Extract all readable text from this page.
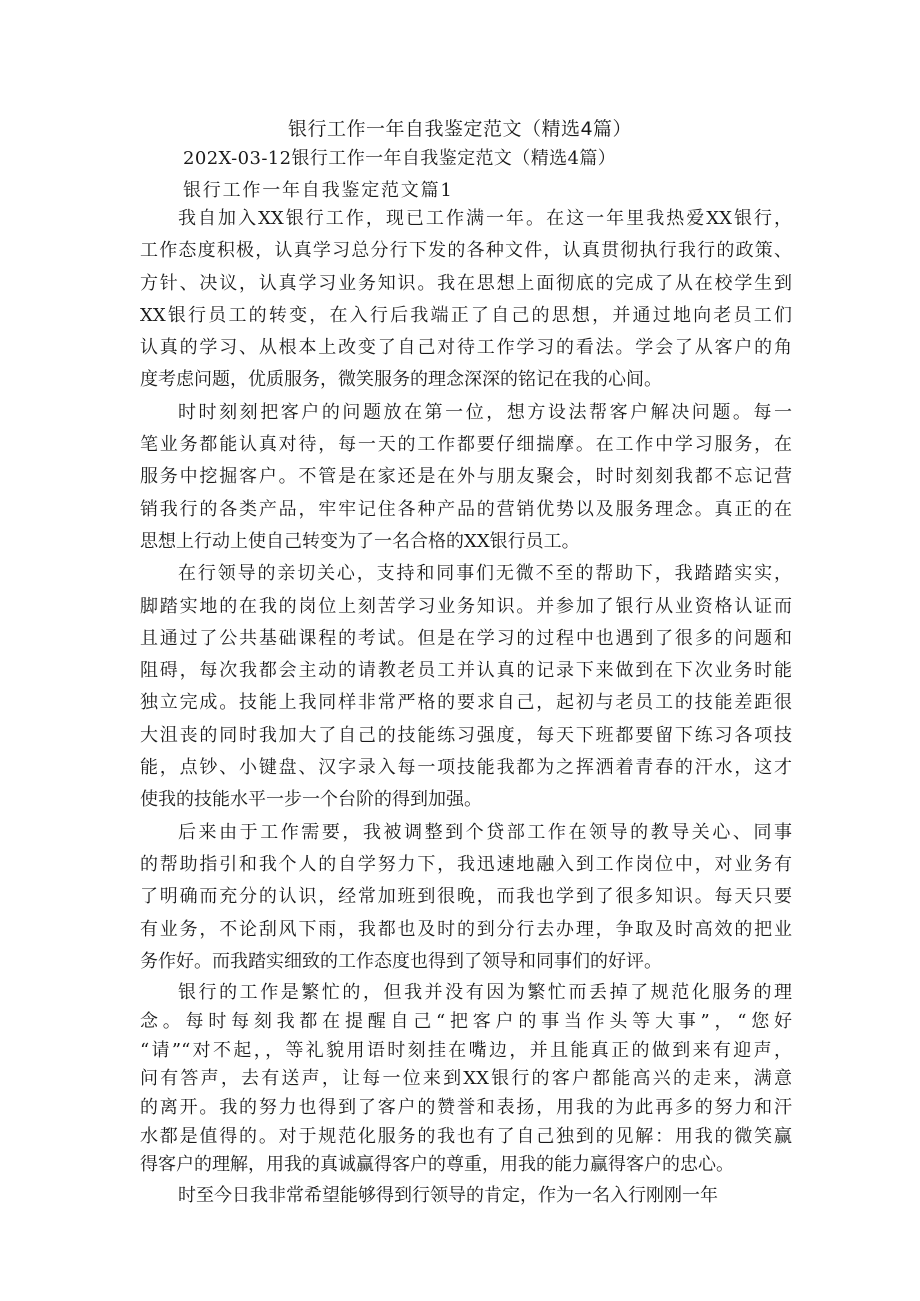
银行工作一年自我鉴定范文（精选4篇）
202X-03-12银行工作一年自我鉴定范文（精选4篇）
银行工作一年自我鉴定范文篇1
我自加入XX银行工作，现已工作满一年。在这一年里我热爱XX银行，
工作态度积极，认真学习总分行下发的各种文件，认真贯彻执行我行的政策、
方针、决议，认真学习业务知识。我在思想上面彻底的完成了从在校学生到
XX银行员工的转变，在入行后我端正了自己的思想，并通过地向老员工们
认真的学习、从根本上改变了自己对待工作学习的看法。学会了从客户的角
度考虑问题，优质服务，微笑服务的理念深深的铭记在我的心间。
时时刻刻把客户的问题放在第一位，想方设法帮客户解决问题。每一
笔业务都能认真对待，每一天的工作都要仔细揣摩。在工作中学习服务，在
服务中挖掘客户。不管是在家还是在外与朋友聚会，时时刻刻我都不忘记营
销我行的各类产品，牢牢记住各种产品的营销优势以及服务理念。真正的在
思想上行动上使自己转变为了一名合格的XX银行员工。
在行领导的亲切关心，支持和同事们无微不至的帮助下，我踏踏实实，
脚踏实地的在我的岗位上刻苦学习业务知识。并参加了银行从业资格认证而
且通过了公共基础课程的考试。但是在学习的过程中也遇到了很多的问题和
阻碍，每次我都会主动的请教老员工并认真的记录下来做到在下次业务时能
独立完成。技能上我同样非常严格的要求自己，起初与老员工的技能差距很
大沮丧的同时我加大了自己的技能练习强度，每天下班都要留下练习各项技
能，点钞、小键盘、汉字录入每一项技能我都为之挥洒着青春的汗水，这才
使我的技能水平一步一个台阶的得到加强。
后来由于工作需要，我被调整到个贷部工作在领导的教导关心、同事
的帮助指引和我个人的自学努力下，我迅速地融入到工作岗位中，对业务有
了明确而充分的认识，经常加班到很晚，而我也学到了很多知识。每天只要
有业务，不论刮风下雨，我都也及时的到分行去办理，争取及时高效的把业
务作好。而我踏实细致的工作态度也得到了领导和同事们的好评。
银行的工作是繁忙的，但我并没有因为繁忙而丢掉了规范化服务的理
念。每时每刻我都在提醒自己“把客户的事当作头等大事”，“您好
“请”“对不起，，等礼貌用语时刻挂在嘴边，并且能真正的做到来有迎声，
问有答声，去有送声，让每一位来到XX银行的客户都能高兴的走来，满意
的离开。我的努力也得到了客户的赞誉和表扬，用我的为此再多的努力和汗
水都是值得的。对于规范化服务的我也有了自己独到的见解：用我的微笑赢
得客户的理解，用我的真诚赢得客户的尊重，用我的能力赢得客户的忠心。
时至今日我非常希望能够得到行领导的肯定，作为一名入行刚刚一年
